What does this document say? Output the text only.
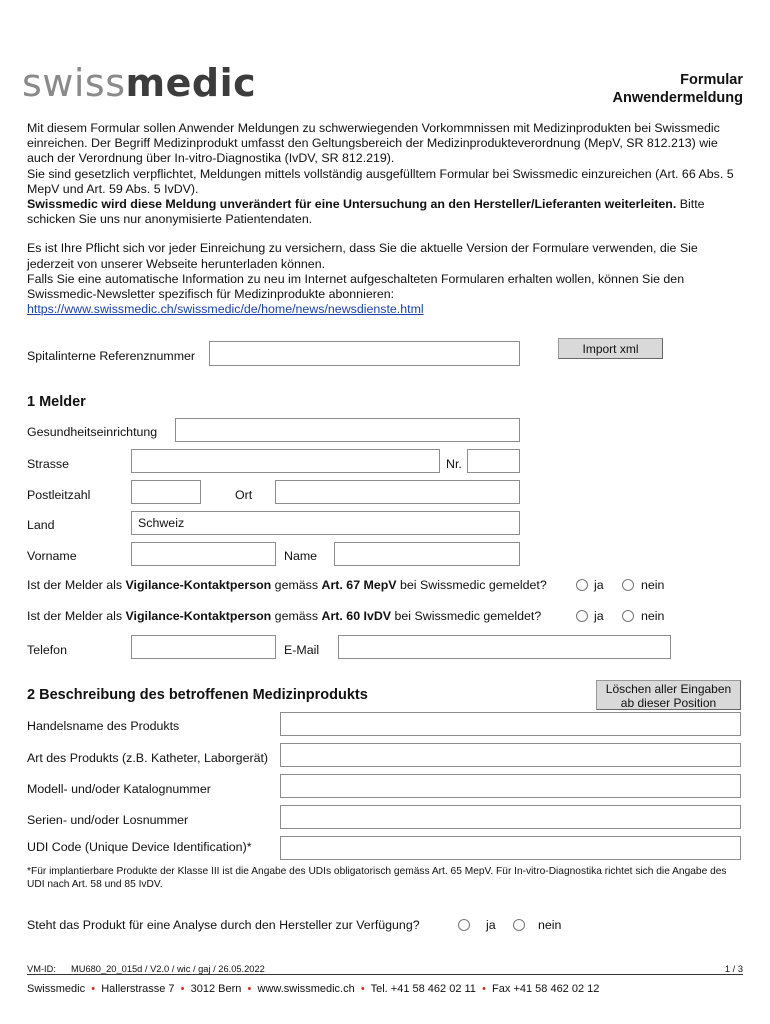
swissmedic	Formular
Anwendermeldung

Mit diesem Formular sollen Anwender Meldungen zu schwerwiegenden Vorkommnissen mit Medizinprodukten bei Swissmedic einreichen. Der Begriff Medizinprodukt umfasst den Geltungsbereich der Medizinprodukteverordnung (MepV, SR 812.213) wie auch der Verordnung über In-vitro-Diagnostika (IvDV, SR 812.219).

Sie sind gesetzlich verpflichtet, Meldungen mittels vollständig ausgefülltem Formular bei Swissmedic einzureichen (Art. 66 Abs. 5 MepV und Art. 59 Abs. 5 IvDV).

Swissmedic wird diese Meldung unverändert für eine Untersuchung an den Hersteller/Lieferanten weiterleiten. Bitte schicken Sie uns nur anonymisierte Patientendaten.

Es ist Ihre Pflicht sich vor jeder Einreichung zu versichern, dass Sie die aktuelle Version der Formulare verwenden, die Sie jederzeit von unserer Webseite herunterladen können.

Falls Sie eine automatische Information zu neu im Internet aufgeschalteten Formularen erhalten wollen, können Sie den Swissmedic-Newsletter spezifisch für Medizinprodukte abonnieren: https://www.swissmedic.ch/swissmedic/de/home/news/newsdienste.html

Spitalinterne Referenznummer	Import xml
1 Melder
Gesundheitseinrichtung
Strasse	Nr.
Postleitzahl	Ort
Land	Schweiz
Vorname	Name
Ist der Melder als Vigilance-Kontaktperson gemäss Art. 67 MepV bei Swissmedic gemeldet?	ja	nein
Ist der Melder als Vigilance-Kontaktperson gemäss Art. 60 IvDV bei Swissmedic gemeldet?	ja	nein
Telefon	E-Mail
2 Beschreibung des betroffenen Medizinprodukts	Löschen aller Eingaben
ab dieser Position
Handelsname des Produkts
Art des Produkts (z.B. Katheter, Laborgerät)
Modell- und/oder Katalognummer
Serien- und/oder Losnummer
UDI Code (Unique Device Identification)*
*Für implantierbare Produkte der Klasse III ist die Angabe des UDIs obligatorisch gemäss Art. 65 MepV. Für In-vitro-Diagnostika richtet sich die Angabe des UDI nach Art. 58 und 85 IvDV.
Steht das Produkt für eine Analyse durch den Hersteller zur Verfügung?	ja	nein
VM-ID: MU680_20_015d / V2.0 / wic / gaj / 26.05.2022	1 / 3
Swissmedic • Hallerstrasse 7 • 3012 Bern • www.swissmedic.ch • Tel. +41 58 462 02 11 • Fax +41 58 462 02 12
